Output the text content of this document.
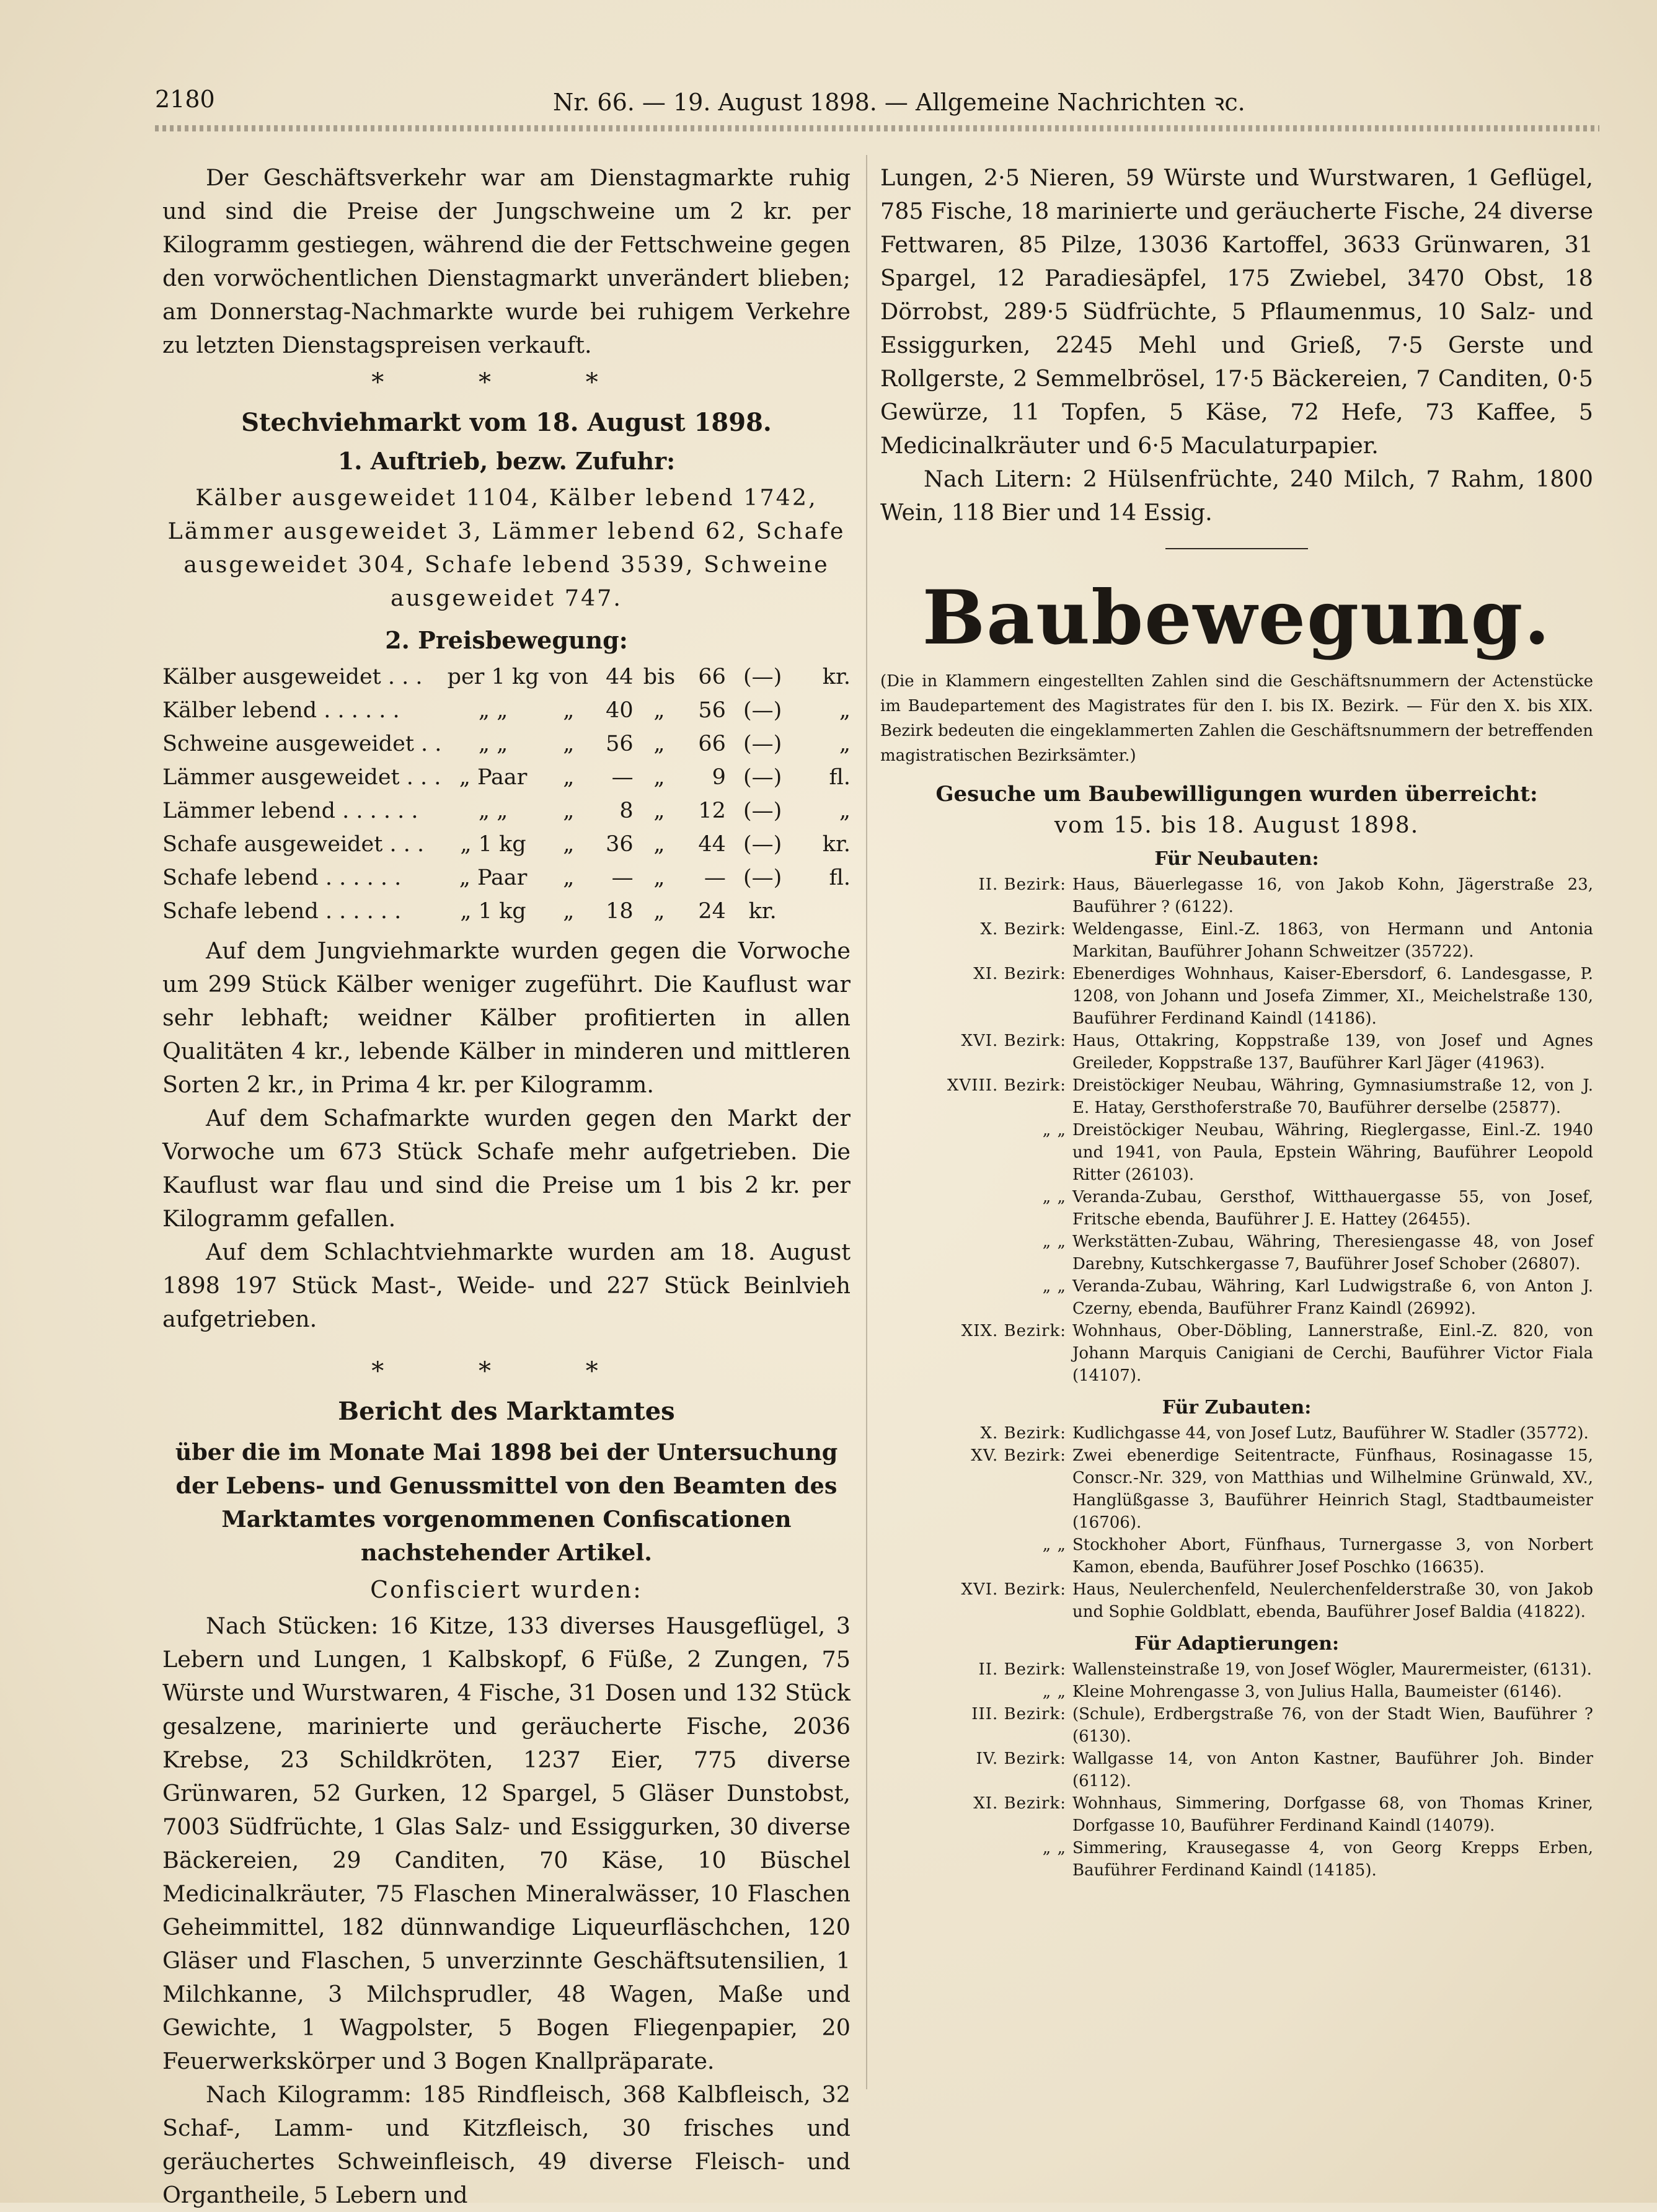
2180	Nr. 66. — 19. August 1898. — Allgemeine Nachrichten ꝛc.

Der Geschäftsverkehr war am Dienstagmarkte ruhig und sind die Preise der Jungschweine um 2 kr. per Kilogramm gestiegen, während die der Fettschweine gegen den vorwöchentlichen Dienstagmarkt unverändert blieben; am Donnerstag-Nachmarkte wurde bei ruhigem Verkehre zu letzten Dienstagspreisen verkauft.

* * *
Stechviehmarkt vom 18. August 1898.
1. Auftrieb, bezw. Zufuhr:

Kälber ausgeweidet 1104, Kälber lebend 1742, Lämmer ausgeweidet 3, Lämmer lebend 62, Schafe ausgeweidet 304, Schafe lebend 3539, Schweine ausgeweidet 747.

2. Preisbewegung:
Kälber ausgeweidet . . .	per 1 kg	von	44	bis	66	(—)	kr.
Kälber lebend . . . . . .	„ „	„	40	„	56	(—)	„
Schweine ausgeweidet . .	„ „	„	56	„	66	(—)	„
Lämmer ausgeweidet . . .	„ Paar	„	—	„	9	(—)	fl.
Lämmer lebend . . . . . .	„ „	„	8	„	12	(—)	„
Schafe ausgeweidet . . .	„ 1 kg	„	36	„	44	(—)	kr.
Schafe lebend . . . . . .	„ Paar	„	—	„	—	(—)	fl.
Schafe lebend . . . . . .	„ 1 kg	„	18	„	24	kr.	

Auf dem Jungviehmarkte wurden gegen die Vorwoche um 299 Stück Kälber weniger zugeführt. Die Kauflust war sehr lebhaft; weidner Kälber profitierten in allen Qualitäten 4 kr., lebende Kälber in minderen und mittleren Sorten 2 kr., in Prima 4 kr. per Kilogramm.

Auf dem Schafmarkte wurden gegen den Markt der Vorwoche um 673 Stück Schafe mehr aufgetrieben. Die Kauflust war flau und sind die Preise um 1 bis 2 kr. per Kilogramm gefallen.

Auf dem Schlachtviehmarkte wurden am 18. August 1898 197 Stück Mast-, Weide- und 227 Stück Beinlvieh aufgetrieben.

* * *
Bericht des Marktamtes

über die im Monate Mai 1898 bei der Untersuchung der Lebens- und Genussmittel von den Beamten des Marktamtes vorgenommenen Confiscationen nachstehender Artikel.

Confisciert wurden:

Nach Stücken: 16 Kitze, 133 diverses Hausgeflügel, 3 Lebern und Lungen, 1 Kalbskopf, 6 Füße, 2 Zungen, 75 Würste und Wurstwaren, 4 Fische, 31 Dosen und 132 Stück gesalzene, marinierte und geräucherte Fische, 2036 Krebse, 23 Schildkröten, 1237 Eier, 775 diverse Grünwaren, 52 Gurken, 12 Spargel, 5 Gläser Dunstobst, 7003 Südfrüchte, 1 Glas Salz- und Essiggurken, 30 diverse Bäckereien, 29 Canditen, 70 Käse, 10 Büschel Medicinalkräuter, 75 Flaschen Mineralwässer, 10 Flaschen Geheimmittel, 182 dünnwandige Liqueurfläschchen, 120 Gläser und Flaschen, 5 unverzinnte Geschäftsutensilien, 1 Milchkanne, 3 Milchsprudler, 48 Wagen, Maße und Gewichte, 1 Wagpolster, 5 Bogen Fliegenpapier, 20 Feuerwerkskörper und 3 Bogen Knallpräparate.

Nach Kilogramm: 185 Rindfleisch, 368 Kalbfleisch, 32 Schaf-, Lamm- und Kitzfleisch, 30 frisches und geräuchertes Schweinfleisch, 49 diverse Fleisch- und Organtheile, 5 Lebern und

Lungen, 2·5 Nieren, 59 Würste und Wurstwaren, 1 Geflügel, 785 Fische, 18 marinierte und geräucherte Fische, 24 diverse Fettwaren, 85 Pilze, 13036 Kartoffel, 3633 Grünwaren, 31 Spargel, 12 Paradiesäpfel, 175 Zwiebel, 3470 Obst, 18 Dörrobst, 289·5 Südfrüchte, 5 Pflaumenmus, 10 Salz- und Essiggurken, 2245 Mehl und Grieß, 7·5 Gerste und Rollgerste, 2 Semmelbrösel, 17·5 Bäckereien, 7 Canditen, 0·5 Gewürze, 11 Topfen, 5 Käse, 72 Hefe, 73 Kaffee, 5 Medicinalkräuter und 6·5 Maculaturpapier.

Nach Litern: 2 Hülsenfrüchte, 240 Milch, 7 Rahm, 1800 Wein, 118 Bier und 14 Essig.

Baubewegung.

(Die in Klammern eingestellten Zahlen sind die Geschäftsnummern der Actenstücke im Baudepartement des Magistrates für den I. bis IX. Bezirk. — Für den X. bis XIX. Bezirk bedeuten die eingeklammerten Zahlen die Geschäftsnummern der betreffenden magistratischen Bezirksämter.)

Gesuche um Baubewilligungen wurden überreicht:
vom 15. bis 18. August 1898.
Für Neubauten:
II. Bezirk: Haus, Bäuerlegasse 16, von Jakob Kohn, Jägerstraße 23, Bauführer ? (6122).
X. Bezirk: Weldengasse, Einl.-Z. 1863, von Hermann und Antonia Markitan, Bauführer Johann Schweitzer (35722).
XI. Bezirk: Ebenerdiges Wohnhaus, Kaiser-Ebersdorf, 6. Landesgasse, P. 1208, von Johann und Josefa Zimmer, XI., Meichelstraße 130, Bauführer Ferdinand Kaindl (14186).
XVI. Bezirk: Haus, Ottakring, Koppstraße 139, von Josef und Agnes Greileder, Koppstraße 137, Bauführer Karl Jäger (41963).
XVIII. Bezirk: Dreistöckiger Neubau, Währing, Gymnasiumstraße 12, von J. E. Hatay, Gersthoferstraße 70, Bauführer derselbe (25877).
„ „ Dreistöckiger Neubau, Währing, Rieglergasse, Einl.-Z. 1940 und 1941, von Paula, Epstein Währing, Bauführer Leopold Ritter (26103).
„ „ Veranda-Zubau, Gersthof, Witthauergasse 55, von Josef, Fritsche ebenda, Bauführer J. E. Hattey (26455).
„ „ Werkstätten-Zubau, Währing, Theresiengasse 48, von Josef Darebny, Kutschkergasse 7, Bauführer Josef Schober (26807).
„ „ Veranda-Zubau, Währing, Karl Ludwigstraße 6, von Anton J. Czerny, ebenda, Bauführer Franz Kaindl (26992).
XIX. Bezirk: Wohnhaus, Ober-Döbling, Lannerstraße, Einl.-Z. 820, von Johann Marquis Canigiani de Cerchi, Bauführer Victor Fiala (14107).
Für Zubauten:
X. Bezirk: Kudlichgasse 44, von Josef Lutz, Bauführer W. Stadler (35772).
XV. Bezirk: Zwei ebenerdige Seitentracte, Fünfhaus, Rosinagasse 15, Conscr.-Nr. 329, von Matthias und Wilhelmine Grünwald, XV., Hanglüßgasse 3, Bauführer Heinrich Stagl, Stadtbaumeister (16706).
„ „ Stockhoher Abort, Fünfhaus, Turnergasse 3, von Norbert Kamon, ebenda, Bauführer Josef Poschko (16635).
XVI. Bezirk: Haus, Neulerchenfeld, Neulerchenfelderstraße 30, von Jakob und Sophie Goldblatt, ebenda, Bauführer Josef Baldia (41822).
Für Adaptierungen:
II. Bezirk: Wallensteinstraße 19, von Josef Wögler, Maurermeister, (6131).
„ „ Kleine Mohrengasse 3, von Julius Halla, Baumeister (6146).
III. Bezirk: (Schule), Erdbergstraße 76, von der Stadt Wien, Bauführer ? (6130).
IV. Bezirk: Wallgasse 14, von Anton Kastner, Bauführer Joh. Binder (6112).
XI. Bezirk: Wohnhaus, Simmering, Dorfgasse 68, von Thomas Kriner, Dorfgasse 10, Bauführer Ferdinand Kaindl (14079).
„ „ Simmering, Krausegasse 4, von Georg Krepps Erben, Bauführer Ferdinand Kaindl (14185).
